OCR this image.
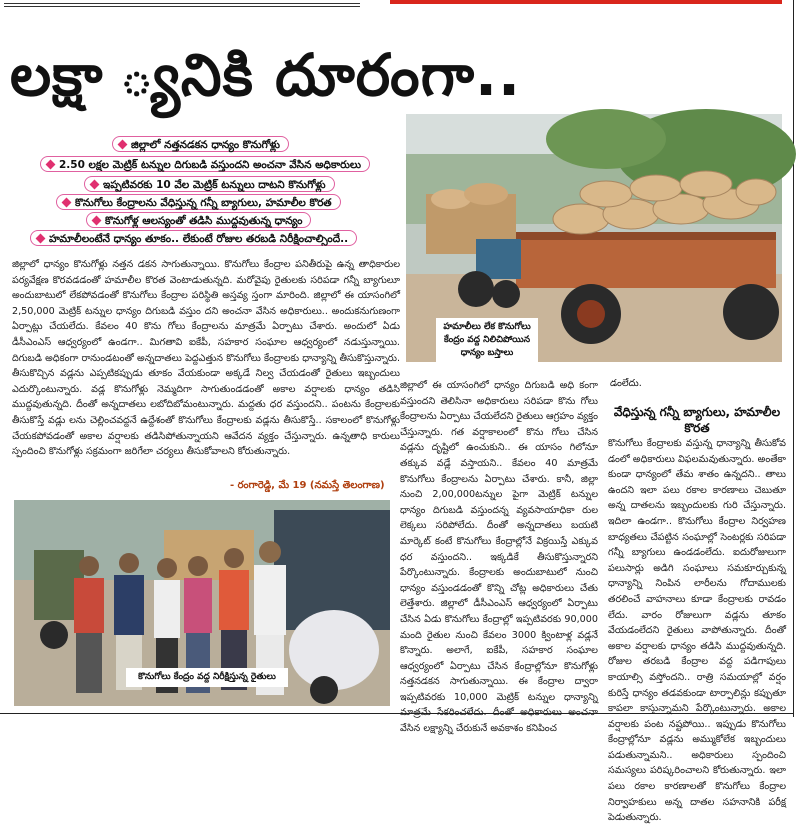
లక్షా ్యనికి దూరంగా..
జిల్లాలో నత్తనడకన ధాన్యం కొనుగోళ్లు
2.50 లక్షల మెట్రిక్ టన్నుల దిగుబడి వస్తుందని అంచనా వేసిన అధికారులు
ఇప్పటివరకు 10 వేల మెట్రిక్ టన్నులు దాటని కొనుగోళ్లు
కొనుగోలు కేంద్రాలను వేధిస్తున్న గన్నీ బ్యాగులు, హమాలీల కొరత
కొనుగోళ్ల ఆలస్యంతో తడిసి ముద్దవుతున్న ధాన్యం
హమాలీలంటేనే ధాన్యం తూకం.. లేకుంటే రోజుల తరబడి నిరీక్షించాల్సిందే..
జిల్లాలో ధాన్యం కొనుగోళ్లు నత్తన డకన సాగుతున్నాయి. కొనుగోలు కేంద్రాల పనితీరుపై ఉన్న తాధికారుల పర్యవేక్షణ కొరవడడంతో హమాలీల కొరత వెంటాడుతున్నది. మరోవైపు రైతులకు సరిపడా గన్నీ బ్యాగులూ అందుబాటులో లేకపోవడంతో కొనుగోలు కేంద్రాల పరిస్థితి అస్తవ్య స్తంగా మారింది. జిల్లాలో ఈ యాసంగిలో 2,50,000 మెట్రిక్ టన్నుల ధాన్యం దిగుబడి వస్తుం దని అంచనా వేసిన అధికారులు.. అందుకనుగుణంగా ఏర్పాట్లు చేయలేదు. కేవలం 40 కొను గోలు కేంద్రాలను మాత్రమే ఏర్పాటు చేశారు. అందులో ఏడు డీసీఎంఎస్ ఆధ్వర్యంలో ఉండగా.. మిగతావి ఐకేపీ, సహకార సంఘాల ఆధ్వర్యంలో నడుస్తున్నాయి. దిగుబడి అధికంగా రానుండటంతో అన్నదాతలు పెద్దఎత్తున కొనుగోలు కేంద్రాలకు ధాన్యాన్ని తీసుకొస్తున్నారు. తీసుకొచ్చిన వడ్లను ఎప్పటికప్పుడు తూకం వేయకుండా అక్కడే నిల్వ చేయడంతో రైతులు ఇబ్బందులు ఎదుర్కొంటున్నారు. వడ్ల కొనుగోళ్లు నెమ్మదిగా సాగుతుండడంతో అకాల వర్షాలకు ధాన్యం తడిసి ముద్దవుతున్నది. దీంతో అన్నదాతలు లబోదిబోమంటున్నారు. మద్దతు ధర వస్తుందని.. పంటను కేంద్రాలకు తీసుకొస్తే వడ్లు లను చెల్లించవద్దనే ఉద్దేశంతో కొనుగోలు కేంద్రాలకు వడ్లను తీసుకొస్తే.. సకాలంలో కొనుగోళ్లు చేయకపోవడంతో అకాల వర్షాలకు తడిసిపోతున్నాయని ఆవేదన వ్యక్తం చేస్తున్నారు. ఉన్నతాధి కారులు స్పందించి కొనుగోళ్లు సక్రమంగా జరిగేలా చర్యలు తీసుకోవాలని కోరుతున్నారు.
- రంగారెడ్డి, మే 19 (నమస్తే తెలంగాణ)
హమాలీలు లేక కొనుగోలు కేంద్రం వద్ద నిలిచిపోయిన ధాన్యం బస్తాలు
కొనుగోలు కేంద్రం వద్ద నిరీక్షిస్తున్న రైతులు
జిల్లాలో ఈ యాసంగిలో ధాన్యం దిగుబడి అధి కంగా వస్తుందని తెలిసినా అధికారులు సరిపడా కొను గోలు కేంద్రాలను ఏర్పాటు చేయలేదని రైతులు ఆగ్రహం వ్యక్తం చేస్తున్నారు. గత వర్షాకాలంలో కొను గోలు చేసిన వడ్లను దృష్టిలో ఉంచుకుని.. ఈ యాసం గిలోనూ తక్కువ వడ్లే వస్తాయని.. కేవలం 40 మాత్రమే కొనుగోలు కేంద్రాలను ఏర్పాటు చేశారు. కానీ, జిల్లా నుంచి 2,00,000టన్నుల పైగా మెట్రిక్ టన్నుల ధాన్యం దిగుబడి వస్తుందన్న వ్యవసాయాధికా రుల లెక్కలు సరిపోలేదు. దీంతో అన్నదాతలు బయటి మార్కెట్ కంటే కొనుగోలు కేంద్రాల్లోనే విక్రయిస్తే ఎక్కువ ధర వస్తుందని.. ఇక్కడికే తీసుకొస్తున్నారని పేర్కొంటున్నారు. కేంద్రాలకు అందుబాటులో నుంచి ధాన్యం వస్తుండడంతో కొన్ని చోట్ల అధికారులు చేతు లెత్తేశారు. జిల్లాలో డీసీఎంఎస్ ఆధ్వర్యంలో ఏర్పాటు చేసిన ఏడు కొనుగోలు కేంద్రాల్లో ఇప్పటివరకు 90,000 మంది రైతుల నుంచి కేవలం 3000 క్వింటాళ్ల వడ్లనే కొన్నారు. అలాగే, ఐకేపీ, సహకార సంఘాల ఆధ్వర్యంలో ఏర్పాటు చేసిన కేంద్రాల్లోనూ కొనుగోళ్లు నత్తనడకన సాగుతున్నాయి. ఈ కేంద్రాల ద్వారా ఇప్పటివరకు 10,000 మెట్రిక్ టన్నుల ధాన్యాన్ని మాత్రమే సేకరించలేదు. దీంతో అధికారులు అంచనా వేసిన లక్ష్యాన్ని చేరుకునే అవకాశం కనిపించ
డంలేదు.
వేధిస్తున్న గన్నీ బ్యాగులు, హమాలీల కొరత
కొనుగోలు కేంద్రాలకు వస్తున్న ధాన్యాన్ని తీసుకోవ డంలో అధికారులు విఫలమవుతున్నారు. అంతేకా కుండా ధాన్యంలో తేమ శాతం ఉన్నదని.. తాలు ఉందని ఇలా పలు రకాల కారణాలు చెబుతూ అన్న దాతలను ఇబ్బందులకు గురి చేస్తున్నారు. ఇదిలా ఉండగా.. కొనుగోలు కేంద్రాల నిర్వహణ బాధ్యతలు చేపట్టిన సంఘాల్లో సెంటర్లకు సరిపడా గన్నీ బ్యాగులు ఉండడంలేదు. ఐదురోజులుగా పలుసార్లు అడిగి సంఘాలు సమకూర్చుకున్న ధాన్యాన్ని నింపిన లారీలను గోదాములకు తరలించే వాహనాలు కూడా కేంద్రాలకు రావడం లేదు. వారం రోజులుగా వడ్లను తూకం వేయడంలేదని రైతులు వాపోతున్నారు. దీంతో అకాల వర్షాలకు ధాన్యం తడిసి ముద్దవుతున్నది. రోజుల తరబడి కేంద్రాల వద్ద పడిగాపులు కాయాల్సి వస్తోందని.. రాత్రి సమయాల్లో వర్షం కురిస్తే ధాన్యం తడవకుండా టార్పాలిన్లు కప్పుతూ కాపలా కాస్తున్నామని పేర్కొంటున్నారు. అకాల వర్షాలకు పంట నష్టపోయి.. ఇప్పుడు కొనుగోలు కేంద్రాల్లోనూ వడ్లను అమ్ముకోలేక ఇబ్బందులు పడుతున్నామని.. అధికారులు స్పందించి సమస్యలు పరిష్కరించాలని కోరుతున్నారు. ఇలా పలు రకాల కారణాలతో కొనుగోలు కేంద్రాల నిర్వాహకులు అన్న దాతల సహనానికి పరీక్ష పెడుతున్నారు.
